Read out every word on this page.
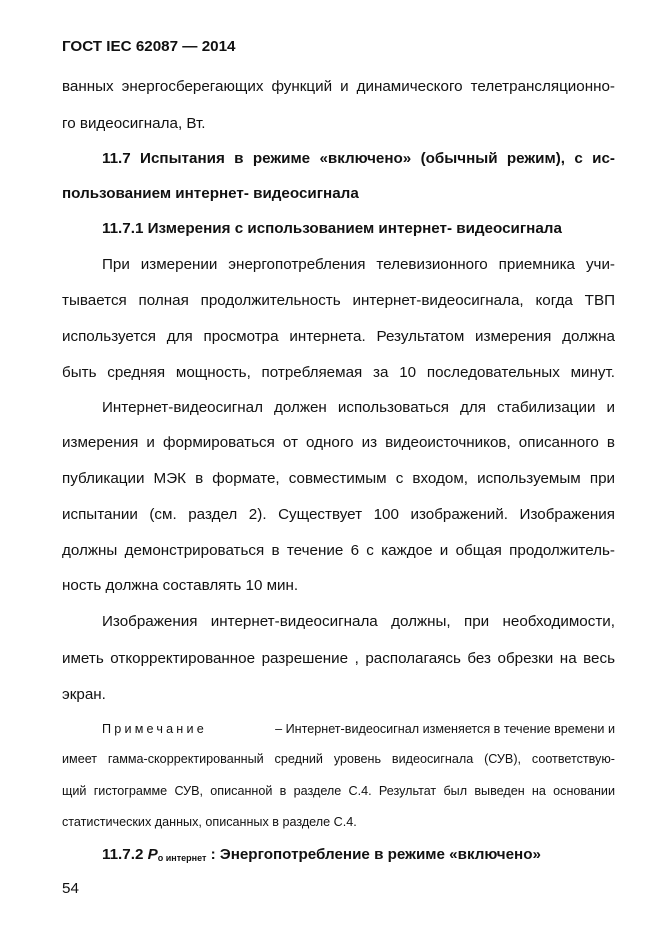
ГОСТ IEC 62087 — 2014
ванных энергосберегающих функций и динамического телетрансляционно-
го видеосигнала, Вт.
11.7 Испытания в режиме «включено» (обычный режим), с ис-
пользованием интернет- видеосигнала
11.7.1 Измерения с использованием интернет- видеосигнала
При измерении энергопотребления телевизионного приемника учи-
тывается полная продолжительность интернет-видеосигнала, когда ТВП
используется для просмотра интернета. Результатом измерения должна
быть средняя мощность, потребляемая за 10 последовательных минут.
Интернет-видеосигнал должен использоваться для стабилизации и
измерения и формироваться от одного из видеоисточников, описанного в
публикации МЭК в формате, совместимым с входом, используемым при
испытании (см. раздел 2). Существует 100 изображений. Изображения
должны демонстрироваться в течение 6 с каждое и общая продолжитель-
ность должна составлять 10 мин.
Изображения интернет-видеосигнала должны, при необходимости,
иметь откорректированное разрешение , располагаясь без обрезки на весь
экран.
Примечание	– Интернет-видеосигнал изменяется в течение времени и
имеет гамма-скорректированный средний уровень видеосигнала (СУВ), соответствую-
щий гистограмме СУВ, описанной в разделе С.4. Результат был выведен на основании
статистических данных, описанных в разделе С.4.
11.7.2 $P_{о интернет}$ : Энергопотребление в режиме «включено»
54
